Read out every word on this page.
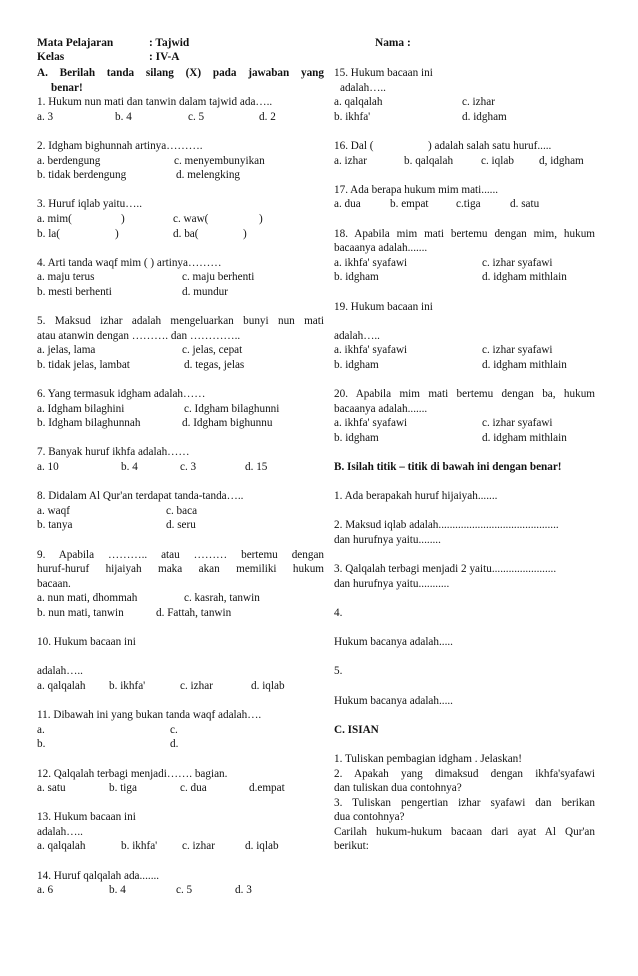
Mata Pelajaran	: Tajwid	Nama :
Kelas	: IV-A
A. Berilah tanda silang (X) pada jawaban yang
benar!
1. Hukum nun mati dan tanwin dalam tajwid ada…..
a. 3	b. 4	c. 5	d. 2
2. Idgham bighunnah artinya……….
a. berdengung	c. menyembunyikan
b. tidak berdengung	d. melengking
3. Huruf iqlab yaitu…..
a. mim(	)	c. waw(	)
b. la(	)	d. ba(	)
4. Arti tanda waqf mim ( ) artinya………
a. maju terus	c. maju berhenti
b. mesti berhenti	d. mundur
5. Maksud izhar adalah mengeluarkan bunyi nun mati
atau atanwin dengan ………. dan …………..
a. jelas, lama	c. jelas, cepat
b. tidak jelas, lambat	d. tegas, jelas
6. Yang termasuk idgham adalah……
a. Idgham bilaghini	c. Idgham bilaghunni
b. Idgham bilaghunnah	d. Idgham bighunnu
7. Banyak huruf ikhfa adalah……
a. 10	b. 4	c. 3	d. 15
8. Didalam Al Qur'an terdapat tanda-tanda…..
a. waqf	c. baca
b. tanya	d. seru
9. Apabila ……….. atau ……… bertemu dengan
huruf-huruf hijaiyah maka akan memiliki hukum
bacaan.
a. nun mati, dhommah	c. kasrah, tanwin
b. nun mati, tanwin	d. Fattah, tanwin
10. Hukum bacaan ini
adalah…..
a. qalqalah b. ikhfa'	c. izhar	d. iqlab
11. Dibawah ini yang bukan tanda waqf adalah….
a.	c.
b.	d.
12. Qalqalah terbagi menjadi……. bagian.
a. satu	b. tiga	c. dua	d.empat
13. Hukum bacaan ini
adalah…..
a. qalqalah	b. ikhfa' c. izhar	d. iqlab
14. Huruf qalqalah ada.......
a. 6	b. 4	c. 5	d. 3
15. Hukum bacaan ini
adalah…..
a. qalqalah	c. izhar
b. ikhfa'	d. idgham
16. Dal (	) adalah salah satu huruf.....
a. izhar	b. qalqalah c. iqlab d, idgham
17. Ada berapa hukum mim mati......
a. dua	b. empat c.tiga	d. satu
18. Apabila mim mati bertemu dengan mim, hukum
bacaanya adalah.......
a. ikhfa' syafawi	c. izhar syafawi
b. idgham	d. idgham mithlain
19. Hukum bacaan ini
adalah…..
a. ikhfa' syafawi	c. izhar syafawi
b. idgham	d. idgham mithlain
20. Apabila mim mati bertemu dengan ba, hukum
bacaanya adalah.......
a. ikhfa' syafawi	c. izhar syafawi
b. idgham	d. idgham mithlain
B. Isilah titik – titik di bawah ini dengan benar!
1. Ada berapakah huruf hijaiyah.......
2. Maksud iqlab adalah...........................................
dan hurufnya yaitu........
3. Qalqalah terbagi menjadi 2 yaitu.......................
dan hurufnya yaitu...........
4.
Hukum bacanya adalah.....
5.
Hukum bacanya adalah.....
C. ISIAN
1. Tuliskan pembagian idgham . Jelaskan!
2. Apakah yang dimaksud dengan ikhfa'syafawi
dan tuliskan dua contohnya?
3. Tuliskan pengertian izhar syafawi dan berikan
dua contohnya?
Carilah hukum-hukum bacaan dari ayat Al Qur'an
berikut:
